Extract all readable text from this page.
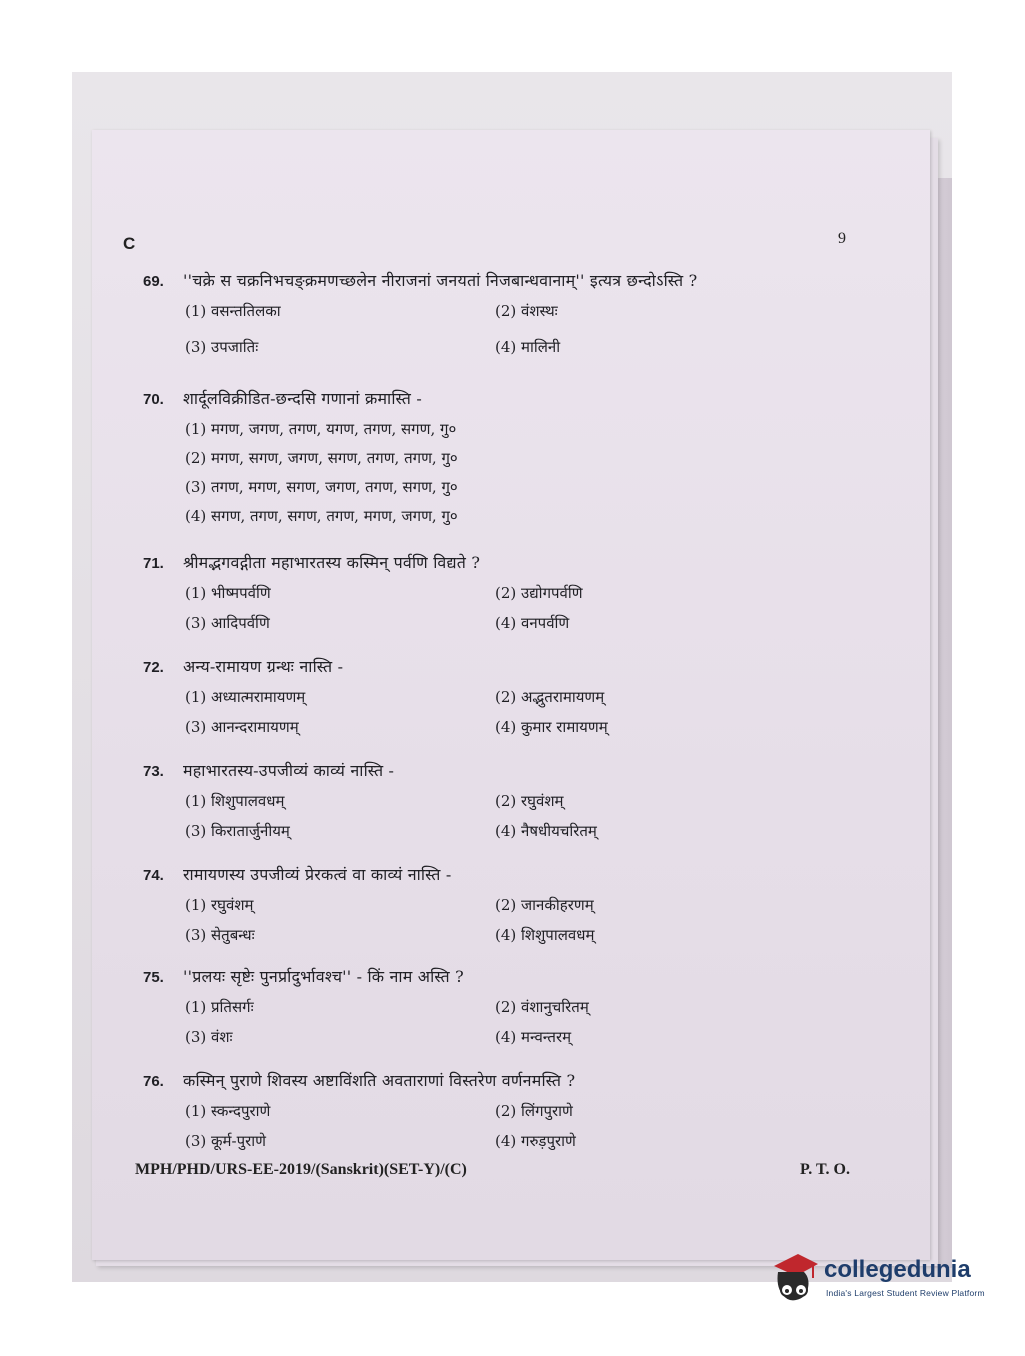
C	9
69.	''चक्रे स चक्रनिभचङ्क्रमणच्छलेन नीराजनां जनयतां निजबान्धवानाम्'' इत्यत्र छन्दोऽस्ति ?
(1) वसन्ततिलका	(2) वंशस्थः
(3) उपजातिः	(4) मालिनी
70.	शार्दूलविक्रीडित-छन्दसि गणानां क्रमास्ति -
(1) मगण, जगण, तगण, यगण, तगण, सगण, गु०
(2) मगण, सगण, जगण, सगण, तगण, तगण, गु०
(3) तगण, मगण, सगण, जगण, तगण, सगण, गु०
(4) सगण, तगण, सगण, तगण, मगण, जगण, गु०
71.	श्रीमद्भगवद्गीता महाभारतस्य कस्मिन् पर्वणि विद्यते ?
(1) भीष्मपर्वणि	(2) उद्योगपर्वणि
(3) आदिपर्वणि	(4) वनपर्वणि
72.	अन्य-रामायण ग्रन्थः नास्ति -
(1) अध्यात्मरामायणम्	(2) अद्भुतरामायणम्
(3) आनन्दरामायणम्	(4) कुमार रामायणम्
73.	महाभारतस्य-उपजीव्यं काव्यं नास्ति -
(1) शिशुपालवधम्	(2) रघुवंशम्
(3) किरातार्जुनीयम्	(4) नैषधीयचरितम्
74.	रामायणस्य उपजीव्यं प्रेरकत्वं वा काव्यं नास्ति -
(1) रघुवंशम्	(2) जानकीहरणम्
(3) सेतुबन्धः	(4) शिशुपालवधम्
75.	''प्रलयः सृष्टेः पुनर्प्रादुर्भावश्च'' - किं नाम अस्ति ?
(1) प्रतिसर्गः	(2) वंशानुचरितम्
(3) वंशः	(4) मन्वन्तरम्
76.	कस्मिन् पुराणे शिवस्य अष्टाविंशति अवताराणां विस्तरेण वर्णनमस्ति ?
(1) स्कन्दपुराणे	(2) लिंगपुराणे
(3) कूर्म-पुराणे	(4) गरुड़पुराणे
MPH/PHD/URS-EE-2019/(Sanskrit)(SET-Y)/(C)	P. T. O.
collegedunia
India's Largest Student Review Platform
